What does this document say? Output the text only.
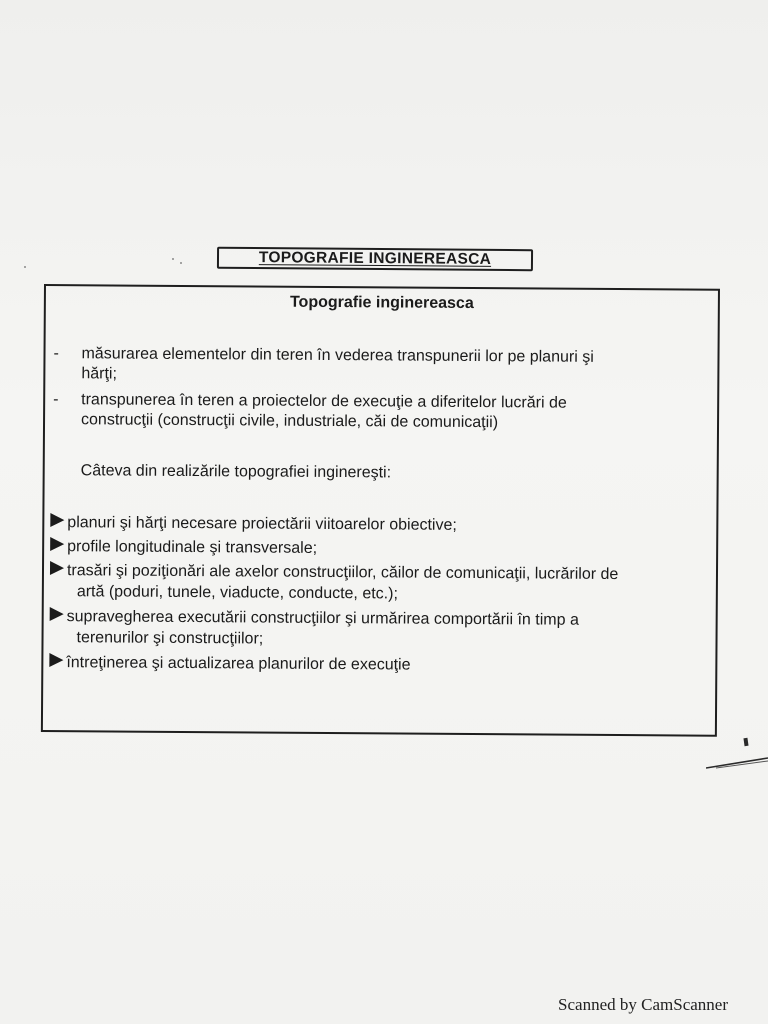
TOPOGRAFIE INGINEREASCA
Topografie inginereasca
-	măsurarea elementelor din teren în vederea transpunerii lor pe planuri şi
hărţi;
-	transpunerea în teren a proiectelor de execuţie a diferitelor lucrări de
construcţii (construcţii civile, industriale, căi de comunicaţii)
Câteva din realizările topografiei inginereşti:
planuri şi hărţi necesare proiectării viitoarelor obiective;
profile longitudinale şi transversale;
trasări şi poziţionări ale axelor construcţiilor, căilor de comunicaţii, lucrărilor de
artă (poduri, tunele, viaducte, conducte, etc.);
supravegherea executării construcţiilor şi urmărirea comportării în timp a
terenurilor şi construcţiilor;
întreţinerea şi actualizarea planurilor de execuţie
Scanned by CamScanner
